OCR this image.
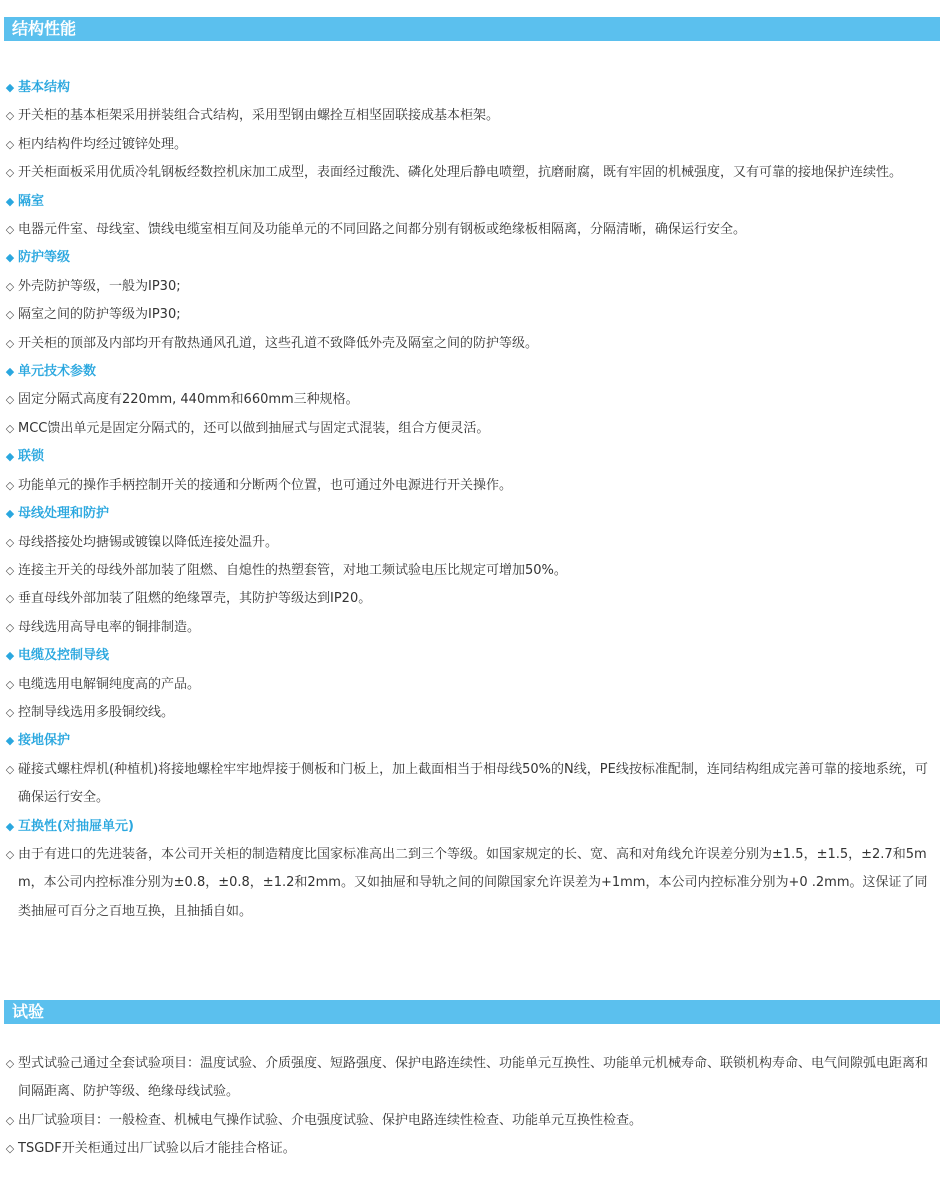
结构性能
◆ 基本结构
◇ 开关柜的基本柜架采用拼装组合式结构，采用型钢由螺拴互相坚固联接成基本柜架。
◇ 柜内结构件均经过镀锌处理。
◇ 开关柜面板采用优质冷轧钢板经数控机床加工成型，表面经过酸洗、磷化处理后静电喷塑，抗磨耐腐，既有牢固的机械强度，又有可靠的接地保护连续性。
◆ 隔室
◇ 电器元件室、母线室、馈线电缆室相互间及功能单元的不同回路之间都分别有钢板或绝缘板相隔离，分隔清晰，确保运行安全。
◆ 防护等级
◇ 外壳防护等级，一般为IP30;
◇ 隔室之间的防护等级为IP30;
◇ 开关柜的顶部及内部均开有散热通风孔道，这些孔道不致降低外壳及隔室之间的防护等级。
◆ 单元技术参数
◇ 固定分隔式高度有220mm, 440mm和660mm三种规格。
◇ MCC馈出单元是固定分隔式的，还可以做到抽屉式与固定式混装，组合方便灵活。
◆ 联锁
◇ 功能单元的操作手柄控制开关的接通和分断两个位置，也可通过外电源进行开关操作。
◆ 母线处理和防护
◇ 母线搭接处均搪锡或镀镍以降低连接处温升。
◇ 连接主开关的母线外部加装了阻燃、自熄性的热塑套管，对地工频试验电压比规定可增加50%。
◇ 垂直母线外部加装了阻燃的绝缘罩壳，其防护等级达到IP20。
◇ 母线选用高导电率的铜排制造。
◆ 电缆及控制导线
◇ 电缆选用电解铜纯度高的产品。
◇ 控制导线选用多股铜绞线。
◆ 接地保护
◇ 碰接式螺柱焊机(种植机)将接地螺栓牢牢地焊接于侧板和门板上，加上截面相当于相母线50%的N线，PE线按标准配制，连同结构组成完善可靠的接地系统，可确保运行安全。
◆ 互换性(对抽屉单元)
◇ 由于有进口的先进装备，本公司开关柜的制造精度比国家标准高出二到三个等级。如国家规定的长、宽、高和对角线允许误差分别为±1.5，±1.5，±2.7和5mm，本公司内控标准分别为±0.8，±0.8，±1.2和2mm。又如抽屉和导轨之间的间隙国家允许误差为+1mm，本公司内控标准分别为+0 .2mm。这保证了同类抽屉可百分之百地互换，且抽插自如。
试验
◇ 型式试验己通过全套试验项目：温度试验、介质强度、短路强度、保护电路连续性、功能单元互换性、功能单元机械寿命、联锁机构寿命、电气间隙弧电距离和间隔距离、防护等级、绝缘母线试验。
◇ 出厂试验项目：一般检查、机械电气操作试验、介电强度试验、保护电路连续性检查、功能单元互换性检查。
◇ TSGDF开关柜通过出厂试验以后才能挂合格证。
